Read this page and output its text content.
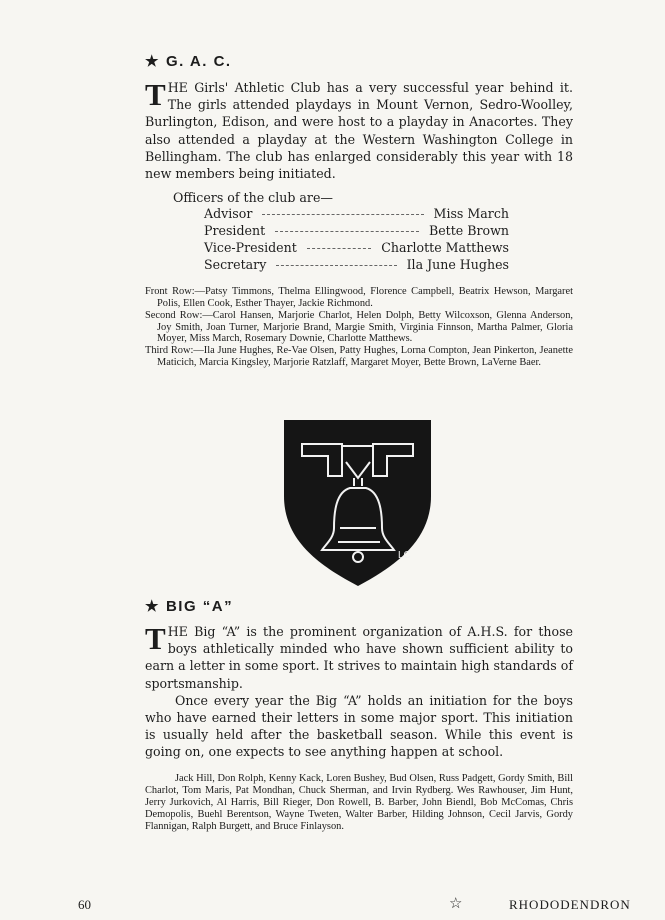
★ G. A. C.

THE Girls' Athletic Club has a very successful year behind it. The girls attended playdays in Mount Vernon, Sedro-Woolley, Burlington, Edison, and were host to a playday in Anacortes. They also attended a playday at the Western Washington College in Bellingham. The club has enlarged considerably this year with 18 new members being initiated.

Officers of the club are—
Advisor	Miss March
President	Bette Brown
Vice-President	Charlotte Matthews
Secretary	Ila June Hughes

Front Row:—Patsy Timmons, Thelma Ellingwood, Florence Campbell, Beatrix Hewson, Margaret Polis, Ellen Cook, Esther Thayer, Jackie Richmond.

Second Row:—Carol Hansen, Marjorie Charlot, Helen Dolph, Betty Wilcoxson, Glenna Anderson, Joy Smith, Joan Turner, Marjorie Brand, Margie Smith, Virginia Finnson, Martha Palmer, Gloria Moyer, Miss March, Rosemary Downie, Charlotte Matthews.

Third Row:—Ila June Hughes, Re-Vae Olsen, Patty Hughes, Lorna Compton, Jean Pinkerton, Jeanette Maticich, Marcia Kingsley, Marjorie Ratzlaff, Margaret Moyer, Bette Brown, LaVerne Baer.

LC
★ BIG “A”

THE Big “A” is the prominent organization of A.H.S. for those boys athletically minded who have shown sufficient ability to earn a letter in some sport. It strives to maintain high standards of sportsmanship.

Once every year the Big “A” holds an initiation for the boys who have earned their letters in some major sport. This initiation is usually held after the basketball season. While this event is going on, one expects to see anything happen at school.

Jack Hill, Don Rolph, Kenny Kack, Loren Bushey, Bud Olsen, Russ Padgett, Gordy Smith, Bill Charlot, Tom Maris, Pat Mondhan, Chuck Sherman, and Irvin Rydberg. Wes Rawhouser, Jim Hunt, Jerry Jurkovich, Al Harris, Bill Rieger, Don Rowell, B. Barber, John Biendl, Bob McComas, Chris Demopolis, Buehl Berentson, Wayne Tweten, Walter Barber, Hilding Johnson, Cecil Jarvis, Gordy Flannigan, Ralph Burgett, and Bruce Finlayson.

60	☆	RHODODENDRON
